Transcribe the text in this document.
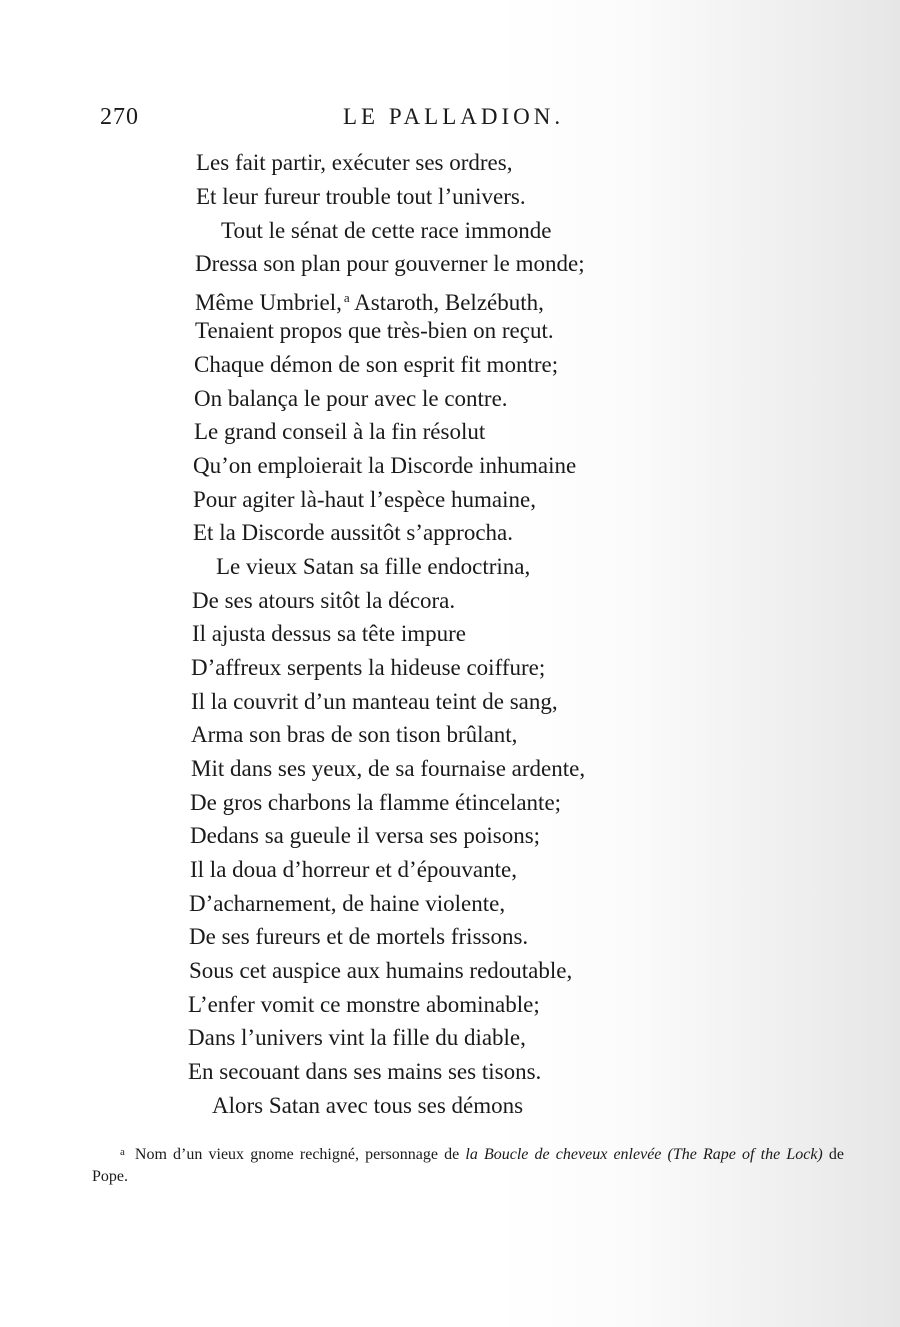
270	LE PALLADION.
Les fait partir, exécuter ses ordres,
Et leur fureur trouble tout l’univers.
Tout le sénat de cette race immonde
Dressa son plan pour gouverner le monde;
Même Umbriel, $^a$ Astaroth, Belzébuth,
Tenaient propos que très-bien on reçut.
Chaque démon de son esprit fit montre;
On balança le pour avec le contre.
Le grand conseil à la fin résolut
Qu’on emploierait la Discorde inhumaine
Pour agiter là-haut l’espèce humaine,
Et la Discorde aussitôt s’approcha.
Le vieux Satan sa fille endoctrina,
De ses atours sitôt la décora.
Il ajusta dessus sa tête impure
D’affreux serpents la hideuse coiffure;
Il la couvrit d’un manteau teint de sang,
Arma son bras de son tison brûlant,
Mit dans ses yeux, de sa fournaise ardente,
De gros charbons la flamme étincelante;
Dedans sa gueule il versa ses poisons;
Il la doua d’horreur et d’épouvante,
D’acharnement, de haine violente,
De ses fureurs et de mortels frissons.
Sous cet auspice aux humains redoutable,
L’enfer vomit ce monstre abominable;
Dans l’univers vint la fille du diable,
En secouant dans ses mains ses tisons.
Alors Satan avec tous ses démons
$^a$ Nom d’un vieux gnome rechigné, personnage de la Boucle de cheveux enlevée (The Rape of the Lock) de Pope.
